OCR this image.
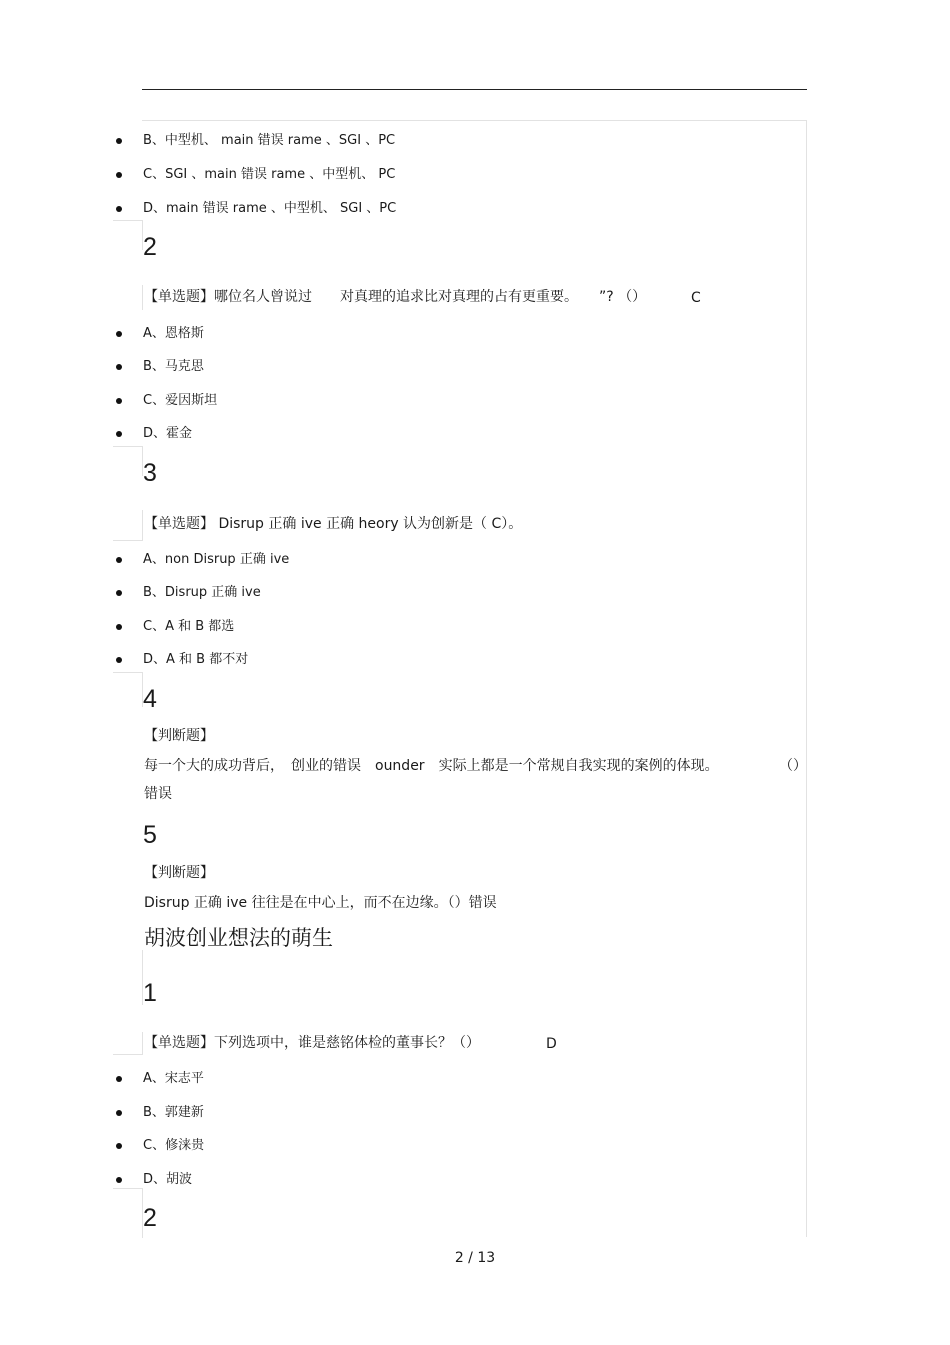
B、中型机、 main 错误 rame 、SGI 、PC
C、SGI 、main 错误 rame 、中型机、 PC
D、main 错误 rame 、中型机、 SGI 、PC
2
【单选题】哪位名人曾说过　　对真理的追求比对真理的占有更重要。　　”? （）	C
A、恩格斯
B、马克思
C、爱因斯坦
D、霍金
3
【单选题】 Disrup 正确 ive 正确 heory 认为创新是（ C）。
A、non Disrup 正确 ive
B、Disrup 正确 ive
C、A 和 B 都选
D、A 和 B 都不对
4
【判断题】
每一个大的成功背后，　创业的错误　ounder　实际上都是一个常规自我实现的案例的体现。	（）
错误
5
【判断题】
Disrup 正确 ive 往往是在中心上，而不在边缘。（）错误
胡波创业想法的萌生
1
【单选题】下列选项中，谁是慈铭体检的董事长？（）	D
A、宋志平
B、郭建新
C、修涞贵
D、胡波
2
2 / 13
